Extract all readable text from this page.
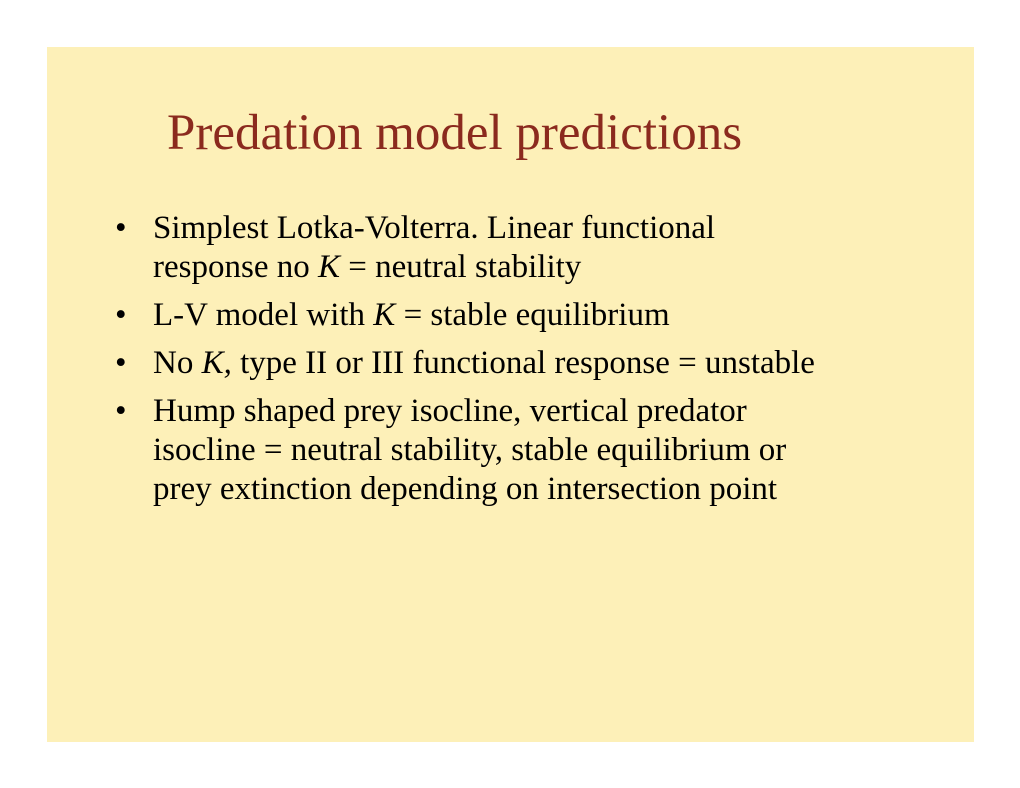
Predation model predictions
• Simplest Lotka-Volterra. Linear functional
response no K = neutral stability
• L-V model with K = stable equilibrium
• No K, type II or III functional response = unstable
• Hump shaped prey isocline, vertical predator
isocline = neutral stability, stable equilibrium or
prey extinction depending on intersection point
